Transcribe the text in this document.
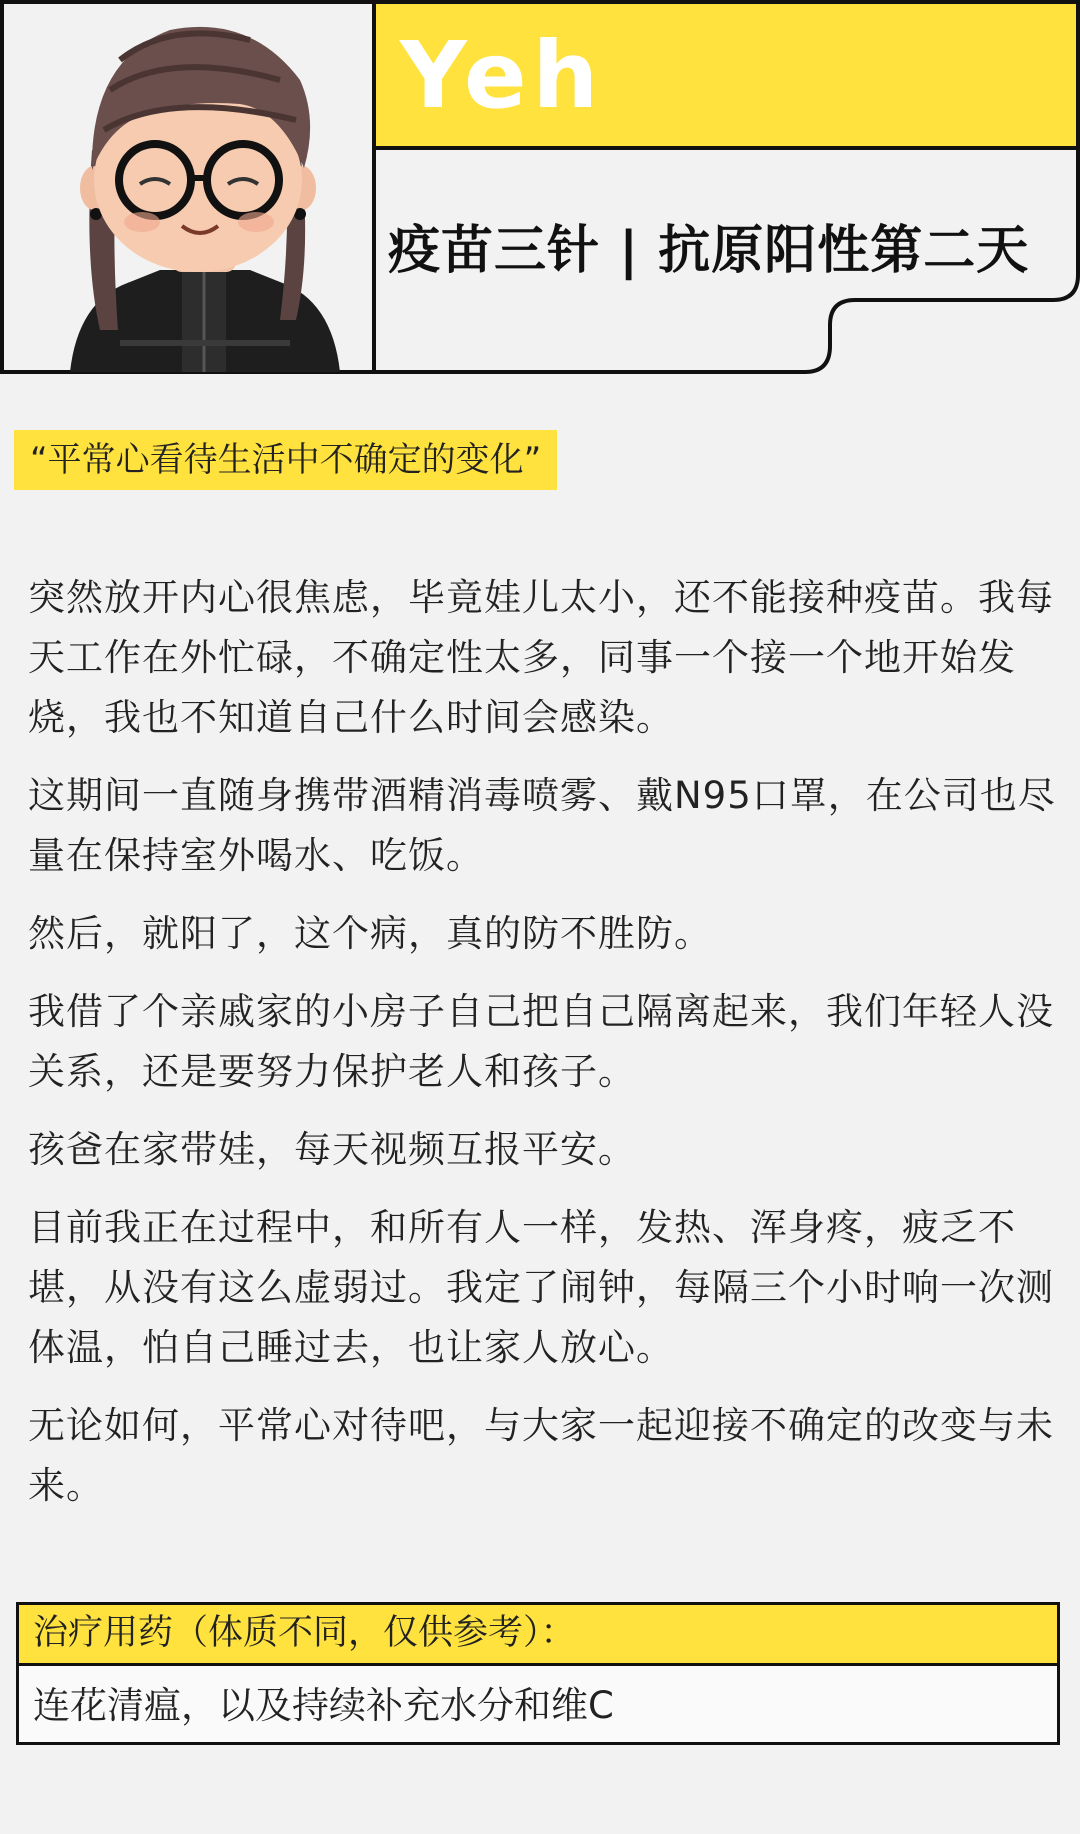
Yeh
疫苗三针 | 抗原阳性第二天
“平常心看待生活中不确定的变化”

突然放开内心很焦虑，毕竟娃儿太小，还不能接种疫苗。我每天工作在外忙碌，不确定性太多，同事一个接一个地开始发烧，我也不知道自己什么时间会感染。

这期间一直随身携带酒精消毒喷雾、戴N95口罩，在公司也尽量在保持室外喝水、吃饭。

然后，就阳了，这个病，真的防不胜防。

我借了个亲戚家的小房子自己把自己隔离起来，我们年轻人没关系，还是要努力保护老人和孩子。

孩爸在家带娃，每天视频互报平安。

目前我正在过程中，和所有人一样，发热、浑身疼，疲乏不堪，从没有这么虚弱过。我定了闹钟，每隔三个小时响一次测体温，怕自己睡过去，也让家人放心。

无论如何，平常心对待吧，与大家一起迎接不确定的改变与未来。

治疗用药（体质不同，仅供参考）：
连花清瘟，以及持续补充水分和维C
